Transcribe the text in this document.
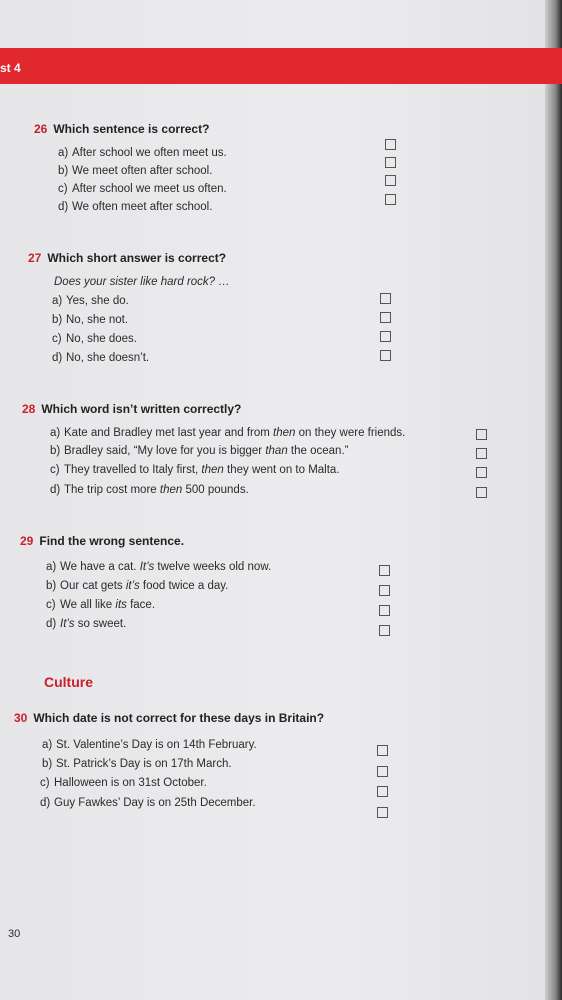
st 4
26 Which sentence is correct?
a) After school we often meet us.
b) We meet often after school.
c) After school we meet us often.
d) We often meet after school.
27 Which short answer is correct?
Does your sister like hard rock? …
a) Yes, she do.
b) No, she not.
c) No, she does.
d) No, she doesn’t.
28 Which word isn’t written correctly?
a) Kate and Bradley met last year and from then on they were friends.
b) Bradley said, “My love for you is bigger than the ocean.”
c) They travelled to Italy first, then they went on to Malta.
d) The trip cost more then 500 pounds.
29 Find the wrong sentence.
a) We have a cat. It’s twelve weeks old now.
b) Our cat gets it’s food twice a day.
c) We all like its face.
d) It’s so sweet.
Culture
30 Which date is not correct for these days in Britain?
a) St. Valentine’s Day is on 14th February.
b) St. Patrick’s Day is on 17th March.
c) Halloween is on 31st October.
d) Guy Fawkes’ Day is on 25th December.
30
